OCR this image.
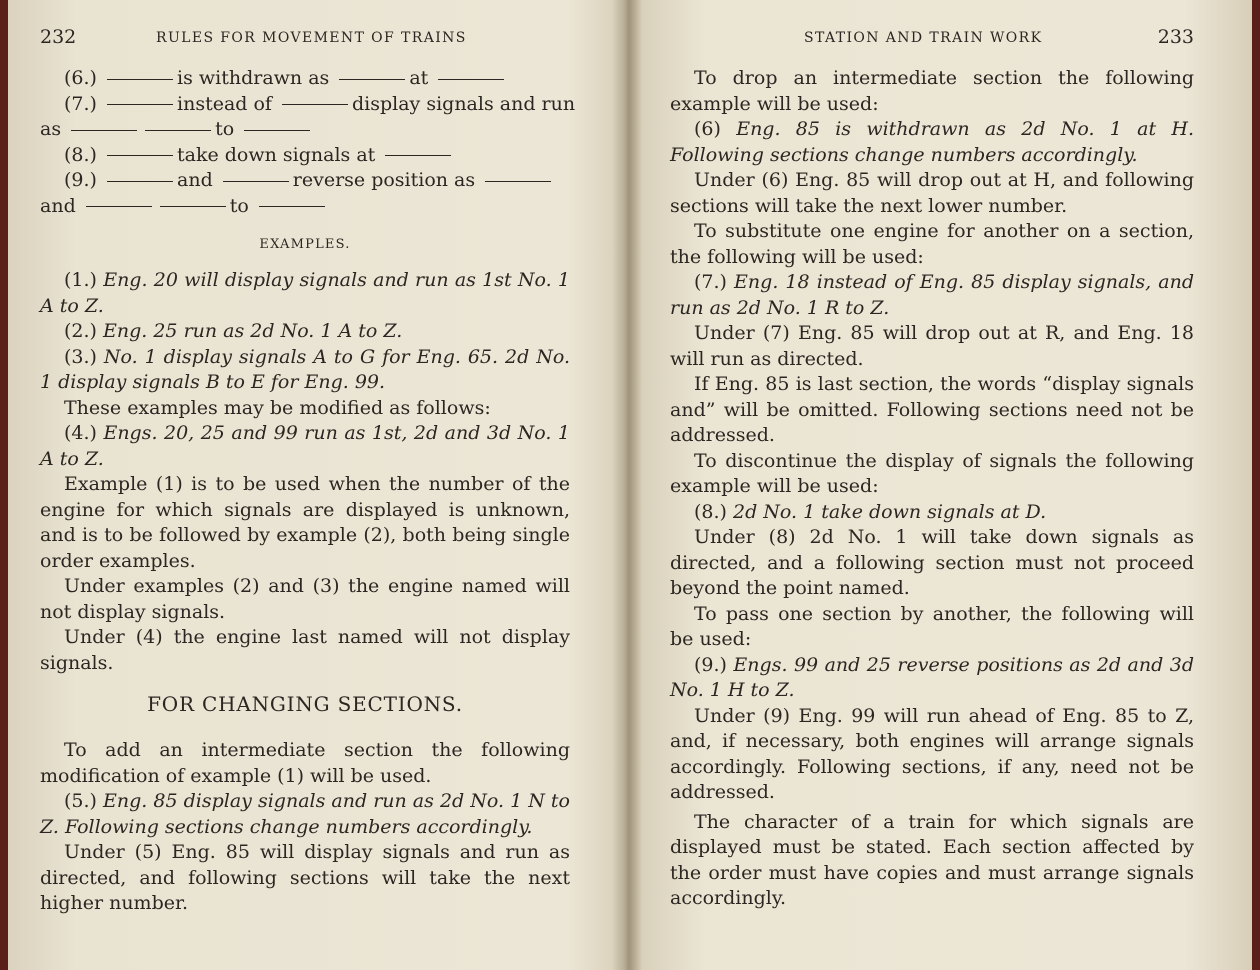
232	RULES FOR MOVEMENT OF TRAINS
(6.)	is withdrawn as	at
(7.)	instead of	display signals and run
as	to
(8.)	take down signals at
(9.)	and	reverse position as
and	to
EXAMPLES.

(1.) Eng. 20 will display signals and run as 1st No. 1 A to Z.

(2.) Eng. 25 run as 2d No. 1 A to Z.

(3.) No. 1 display signals A to G for Eng. 65. 2d No. 1 display signals B to E for Eng. 99.

These examples may be modified as follows:

(4.) Engs. 20, 25 and 99 run as 1st, 2d and 3d No. 1 A to Z.

Example (1) is to be used when the number of the engine for which signals are displayed is unknown, and is to be followed by example (2), both being single order examples.

Under examples (2) and (3) the engine named will not display signals.

Under (4) the engine last named will not display signals.

FOR CHANGING SECTIONS.

To add an intermediate section the following modification of example (1) will be used.

(5.) Eng. 85 display signals and run as 2d No. 1 N to Z. Following sections change numbers accordingly.

Under (5) Eng. 85 will display signals and run as directed, and following sections will take the next higher number.

STATION AND TRAIN WORK	233

To drop an intermediate section the following example will be used:

(6) Eng. 85 is withdrawn as 2d No. 1 at H. Following sections change numbers accordingly.

Under (6) Eng. 85 will drop out at H, and following sections will take the next lower number.

To substitute one engine for another on a section, the following will be used:

(7.) Eng. 18 instead of Eng. 85 display signals, and run as 2d No. 1 R to Z.

Under (7) Eng. 85 will drop out at R, and Eng. 18 will run as directed.

If Eng. 85 is last section, the words “display signals and” will be omitted. Following sections need not be addressed.

To discontinue the display of signals the following example will be used:

(8.) 2d No. 1 take down signals at D.

Under (8) 2d No. 1 will take down signals as directed, and a following section must not proceed beyond the point named.

To pass one section by another, the following will be used:

(9.) Engs. 99 and 25 reverse positions as 2d and 3d No. 1 H to Z.

Under (9) Eng. 99 will run ahead of Eng. 85 to Z, and, if necessary, both engines will arrange signals accordingly. Following sections, if any, need not be addressed.

The character of a train for which signals are displayed must be stated. Each section affected by the order must have copies and must arrange signals accordingly.
